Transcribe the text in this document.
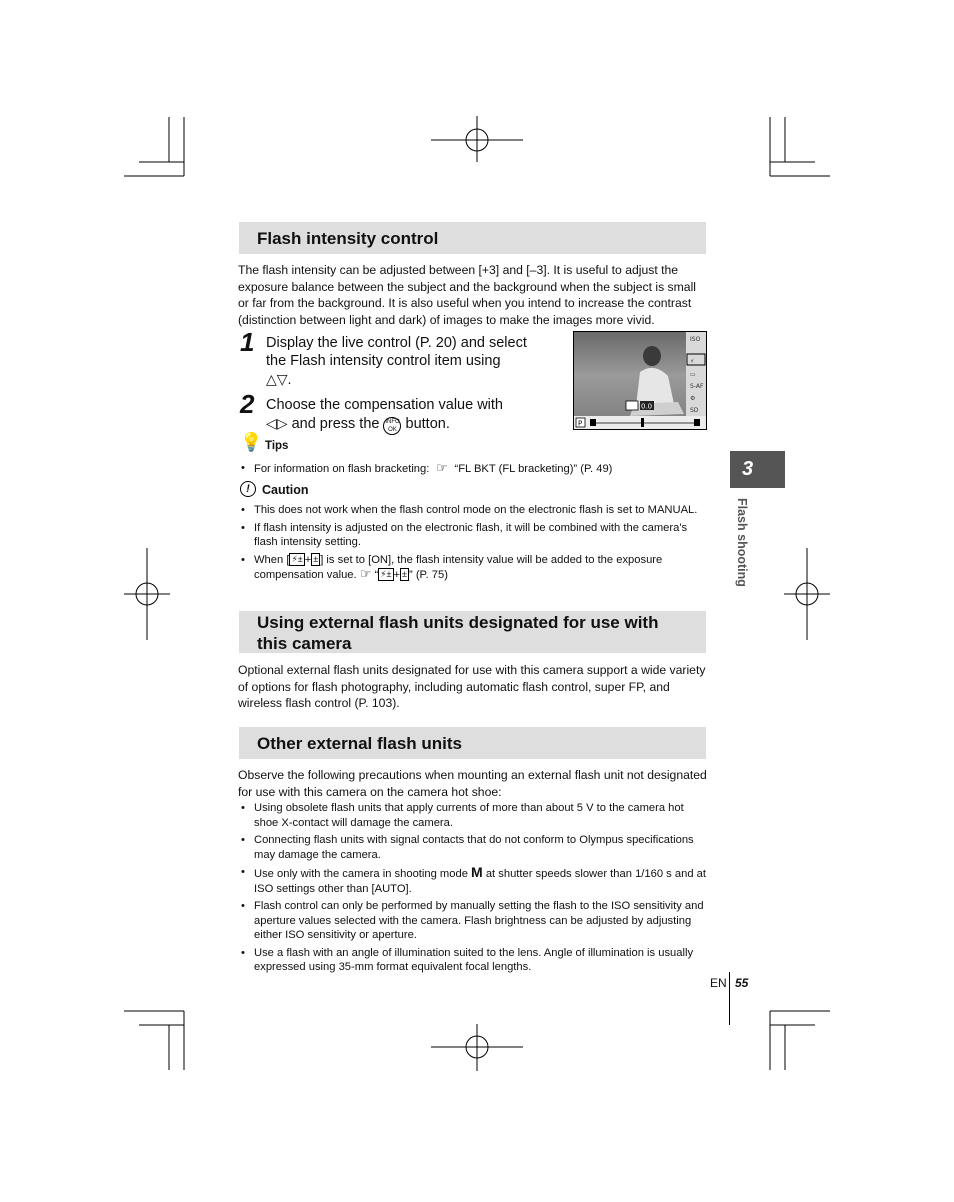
Flash intensity control
The flash intensity can be adjusted between [+3] and [–3]. It is useful to adjust the exposure balance between the subject and the background when the subject is small or far from the background. It is also useful when you intend to increase the contrast (distinction between light and dark) of images to make the images more vivid.
1 Display the live control (P. 20) and select the Flash intensity control item using
△▽.
2 Choose the compensation value with
◁▷ and press the INFO
OK button.
ISO
⚡
▭
S-AF
⚙
SD
0.0
P
💡 Tips
• For information on flash bracketing:  ☞  “FL BKT (FL bracketing)” (P. 49)
! Caution
• This does not work when the flash control mode on the electronic flash is set to MANUAL.
• If flash intensity is adjusted on the electronic flash, it will be combined with the camera's flash intensity setting.
• When [ ⚡± + ± ] is set to [ON], the flash intensity value will be added to the exposure compensation value. ☞ “ ⚡± + ± ” (P. 75)
Using external flash units designated for use with
this camera
Optional external flash units designated for use with this camera support a wide variety of options for flash photography, including automatic flash control, super FP, and wireless flash control (P. 103).
Other external flash units
Observe the following precautions when mounting an external flash unit not designated for use with this camera on the camera hot shoe:
• Using obsolete flash units that apply currents of more than about 5 V to the camera hot shoe X-contact will damage the camera.
• Connecting flash units with signal contacts that do not conform to Olympus specifications may damage the camera.
• Use only with the camera in shooting mode M at shutter speeds slower than 1/160 s and at ISO settings other than [AUTO].
• Flash control can only be performed by manually setting the flash to the ISO sensitivity and aperture values selected with the camera. Flash brightness can be adjusted by adjusting either ISO sensitivity or aperture.
• Use a flash with an angle of illumination suited to the lens. Angle of illumination is usually expressed using 35-mm format equivalent focal lengths.
3
Flash shooting
EN 55
